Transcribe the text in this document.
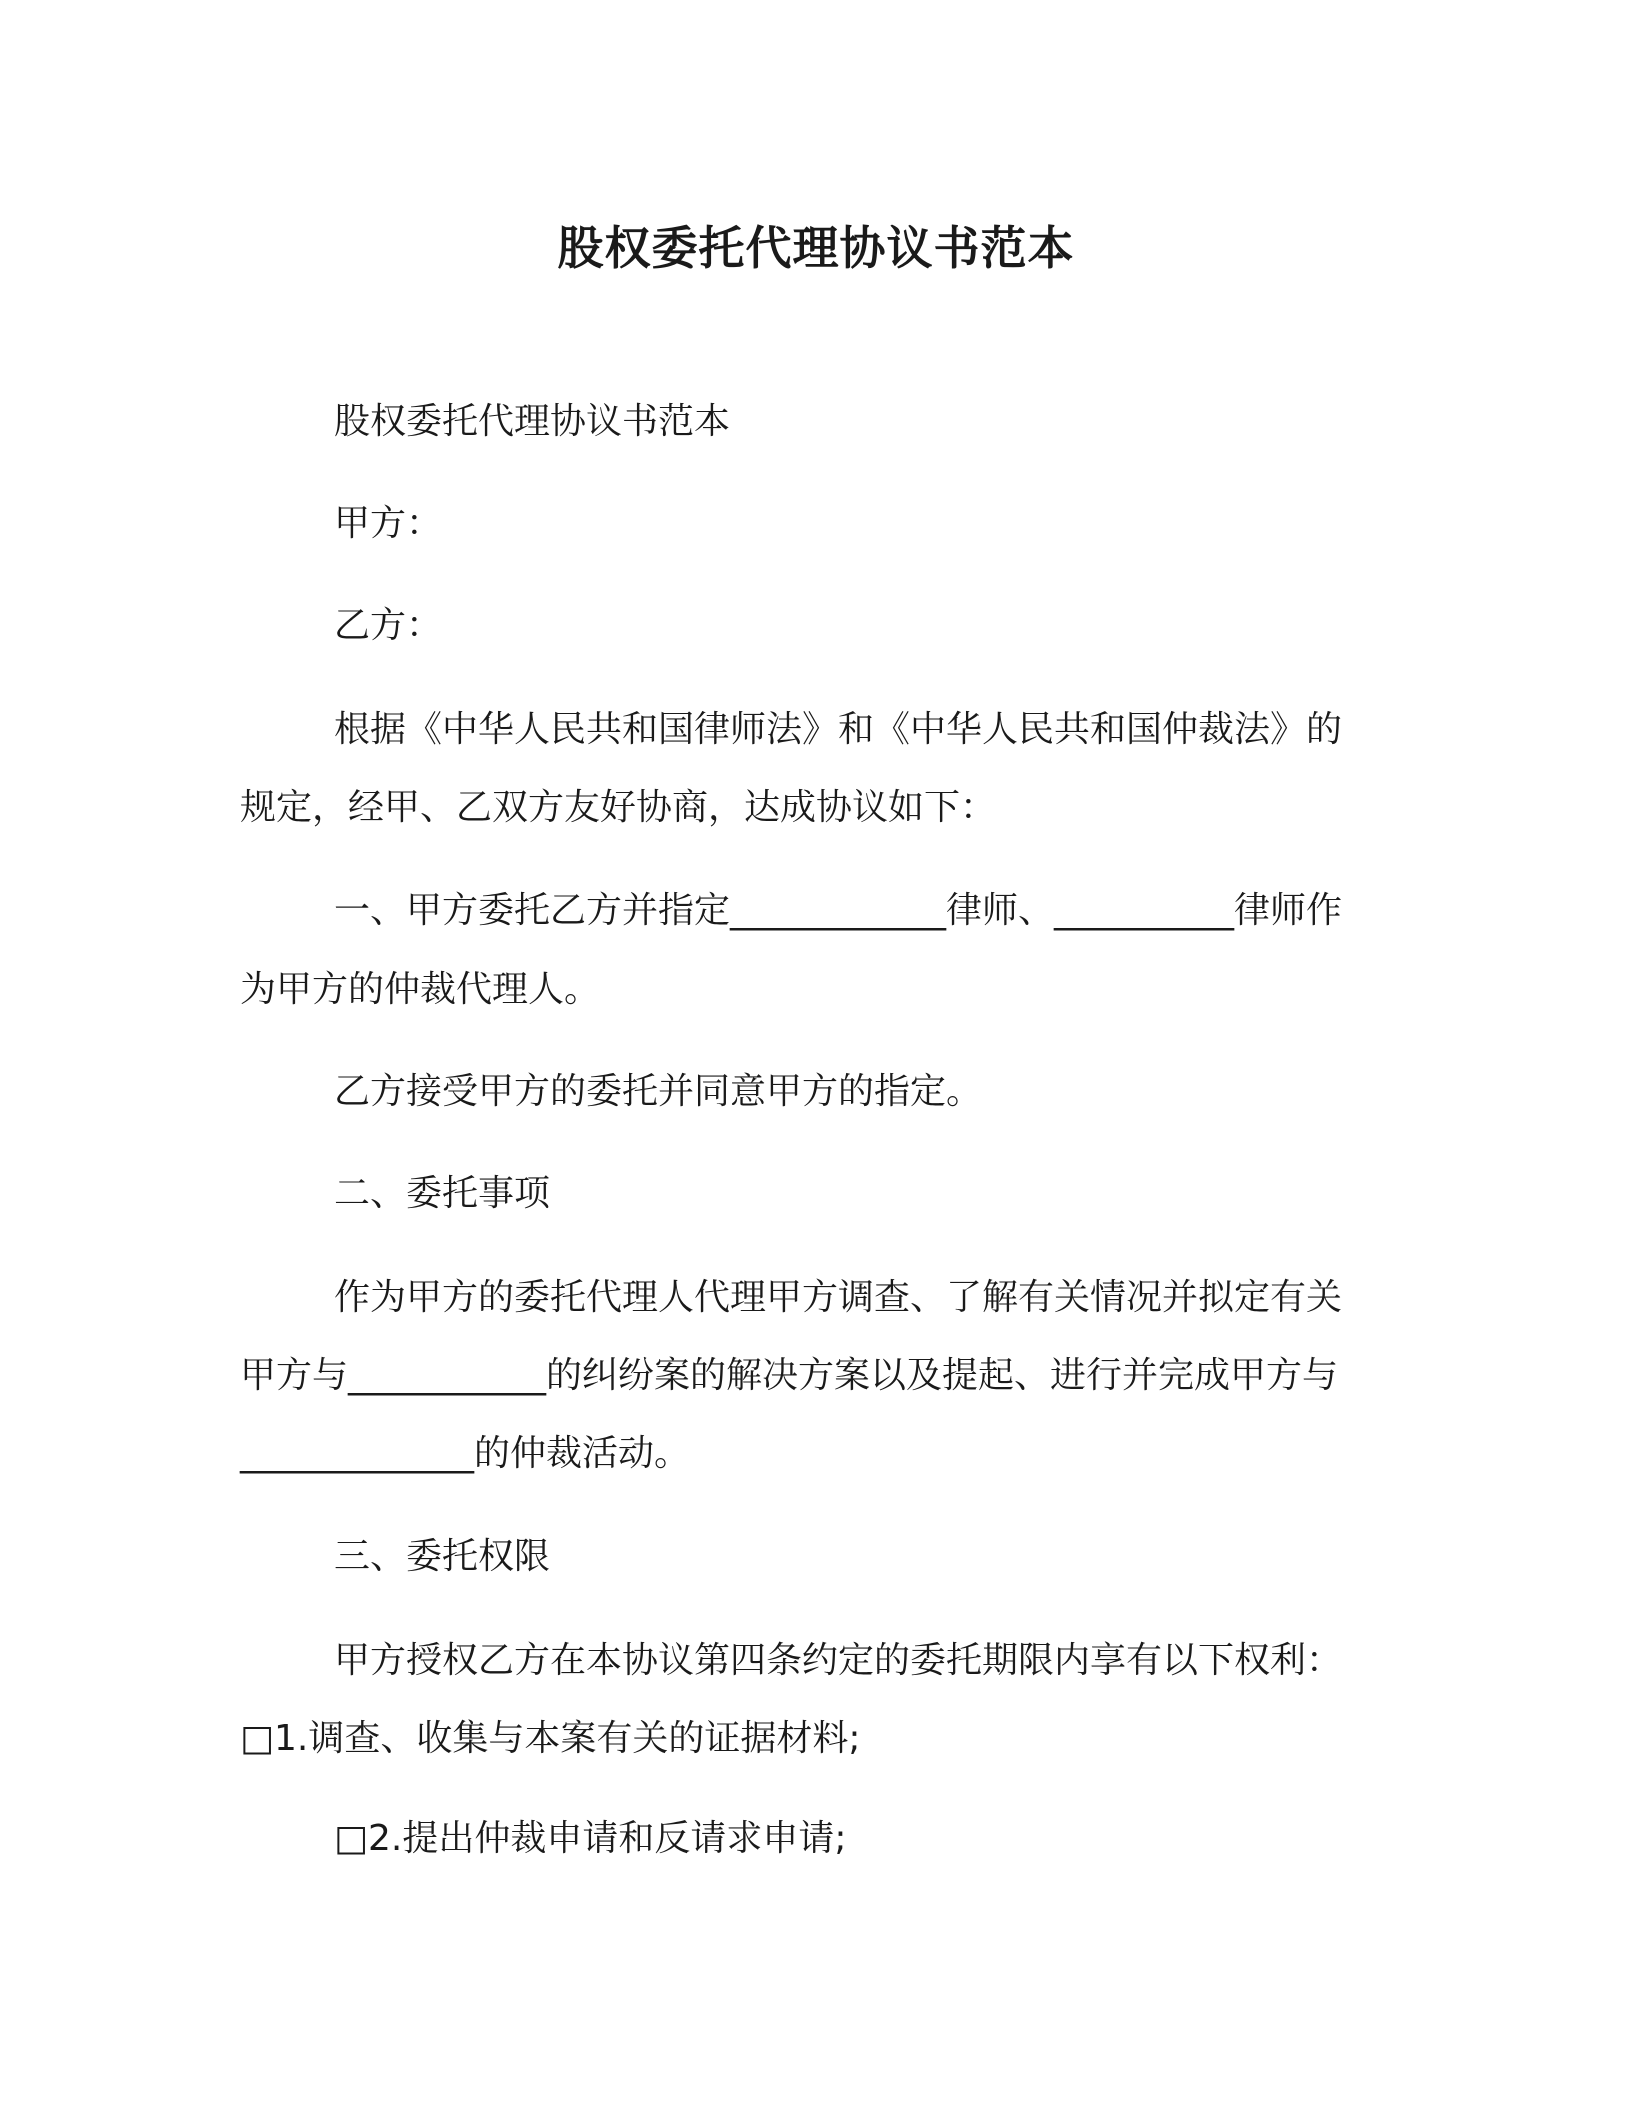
股权委托代理协议书范本
股权委托代理协议书范本
甲方：
乙方：
根据《中华人民共和国律师法》和《中华人民共和国仲裁法》的
规定，经甲、乙双方友好协商，达成协议如下：
一、甲方委托乙方并指定____________律师、__________律师作
为甲方的仲裁代理人。
乙方接受甲方的委托并同意甲方的指定。
二、委托事项
作为甲方的委托代理人代理甲方调查、了解有关情况并拟定有关
甲方与___________的纠纷案的解决方案以及提起、进行并完成甲方与
_____________的仲裁活动。
三、委托权限
甲方授权乙方在本协议第四条约定的委托期限内享有以下权利：
□1.调查、收集与本案有关的证据材料;
□2.提出仲裁申请和反请求申请;
